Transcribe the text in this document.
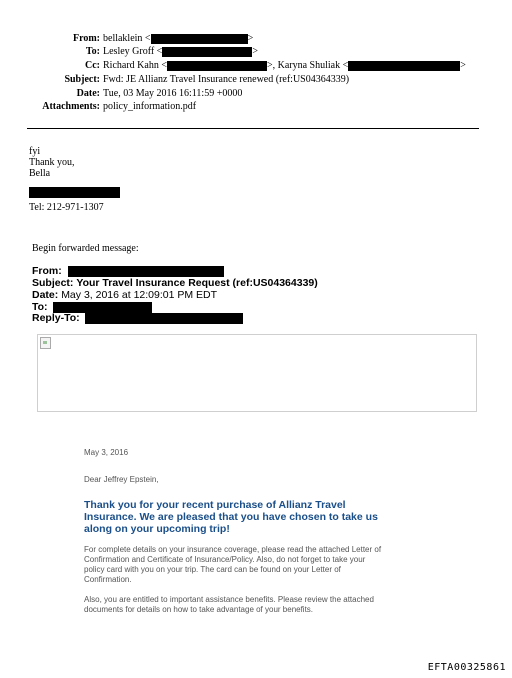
From: bellaklein <	>
To: Lesley Groff <	>
Cc: Richard Kahn <	>, Karyna Shuliak <	>
Subject: Fwd: JE Allianz Travel Insurance renewed (ref:US04364339)
Date: Tue, 03 May 2016 16:11:59 +0000
Attachments: policy_information.pdf
fyi
Thank you,
Bella
Tel: 212-971-1307
Begin forwarded message:
From:
Subject: Your Travel Insurance Request (ref:US04364339)
Date: May 3, 2016 at 12:09:01 PM EDT
To:
Reply-To:
May 3, 2016
Dear Jeffrey Epstein,
Thank you for your recent purchase of Allianz Travel
Insurance. We are pleased that you have chosen to take us
along on your upcoming trip!
For complete details on your insurance coverage, please read the attached Letter of
Confirmation and Certificate of Insurance/Policy. Also, do not forget to take your
policy card with you on your trip. The card can be found on your Letter of
Confirmation.
Also, you are entitled to important assistance benefits. Please review the attached
documents for details on how to take advantage of your benefits.
EFTA00325861
